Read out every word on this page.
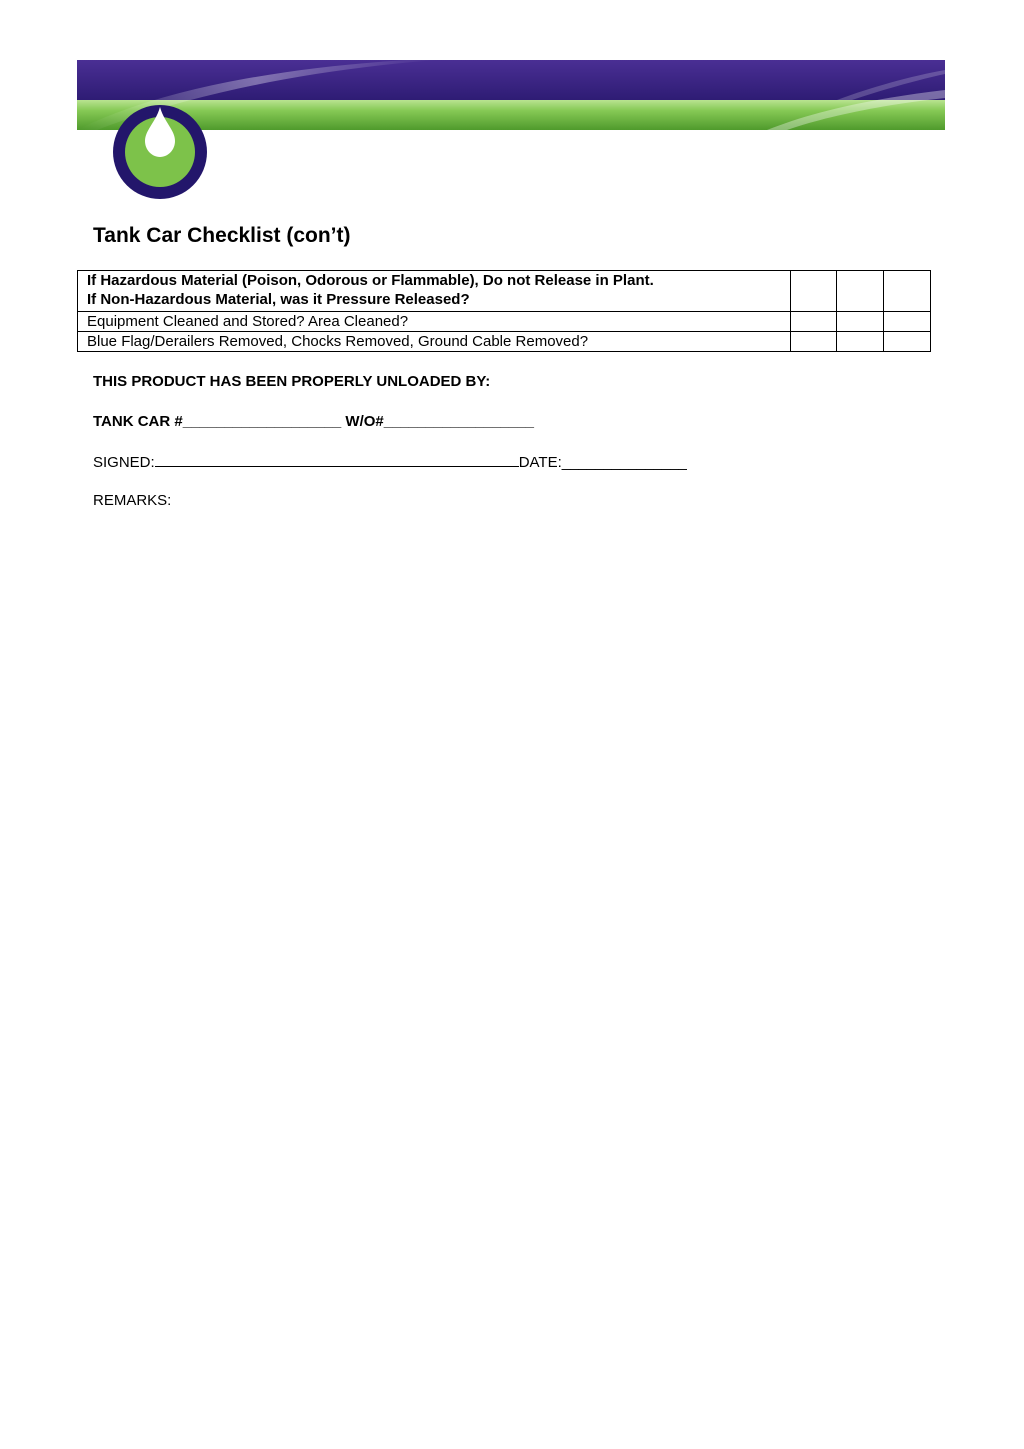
Tank Car Checklist (con’t)
If Hazardous Material (Poison, Odorous or Flammable), Do not Release in Plant.
If Non-Hazardous Material, was it Pressure Released?			

Equipment Cleaned and Stored? Area Cleaned?			
Blue Flag/Derailers Removed, Chocks Removed, Ground Cable Removed?			

THIS PRODUCT HAS BEEN PROPERLY UNLOADED BY:

TANK CAR #___________________ W/O#__________________

SIGNED:	DATE:_______________

REMARKS:
